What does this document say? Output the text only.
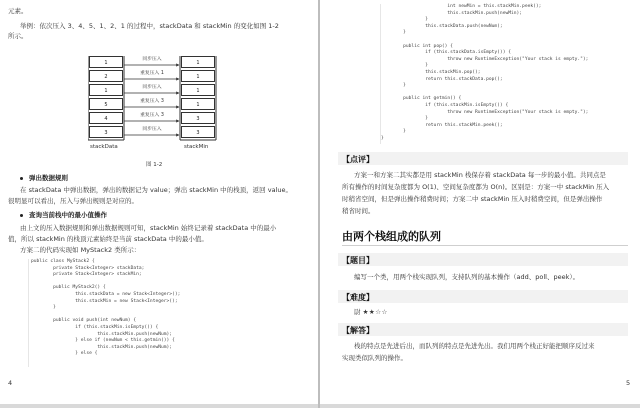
元素。
举例：依次压入 3、4、5、1、2、1 的过程中，stackData 和 stackMin 的变化如图 1-2
所示。
1
2
1
5
4
3
1
1
1
1
3
3
同步压入
重复压入 1
同步压入
重复压入 3
重复压入 3
同步压入
stackData	stackMin
图 1-2
弹出数据规则
在 stackData 中弹出数据，弹出的数据记为 value；弹出 stackMin 中的栈顶，返回 value。
很明显可以看出，压入与弹出规则是对应的。
查询当前栈中的最小值操作
由上文的压入数据规则和弹出数据规则可知，stackMin 始终记录着 stackData 中的最小
值，所以 stackMin 的栈顶元素始终是当前 stackData 中的最小值。
方案二的代码实现如 MyStack2 类所示：
public class MyStack2 {
private Stack<Integer> stackData;
private Stack<Integer> stackMin;

public MyStack2() {
this.stackData = new Stack<Integer>();
this.stackMin = new Stack<Integer>();
}

public void push(int newNum) {
if (this.stackMin.isEmpty()) {
this.stackMin.push(newNum);
} else if (newNum < this.getmin()) {
this.stackMin.push(newNum);
} else {
4
int newMin = this.stackMin.peek();
this.stackMin.push(newMin);
}
this.stackData.push(newNum);
}

public int pop() {
if (this.stackData.isEmpty()) {
throw new RuntimeException("Your stack is empty.");
}
this.stackMin.pop();
return this.stackData.pop();
}

public int getmin() {
if (this.stackMin.isEmpty()) {
throw new RuntimeException("Your stack is empty.");
}
return this.stackMin.peek();
}
}
【点评】
方案一和方案二其实都是用 stackMin 栈保存着 stackData 每一步的最小值。共同点是
所有操作的时间复杂度都为 O(1)、空间复杂度都为 O(n)。区别是：方案一中 stackMin 压入
时稍省空间，但是弹出操作稍费时间；方案二中 stackMin 压入时稍费空间，但是弹出操作
稍省时间。
由两个栈组成的队列
【题目】
编写一个类，用两个栈实现队列，支持队列的基本操作（add、poll、peek）。
【难度】
尉 ★★☆☆
【解答】
栈的特点是先进后出，而队列的特点是先进先出。我们用两个栈正好能把顺序反过来
实现类似队列的操作。
5
